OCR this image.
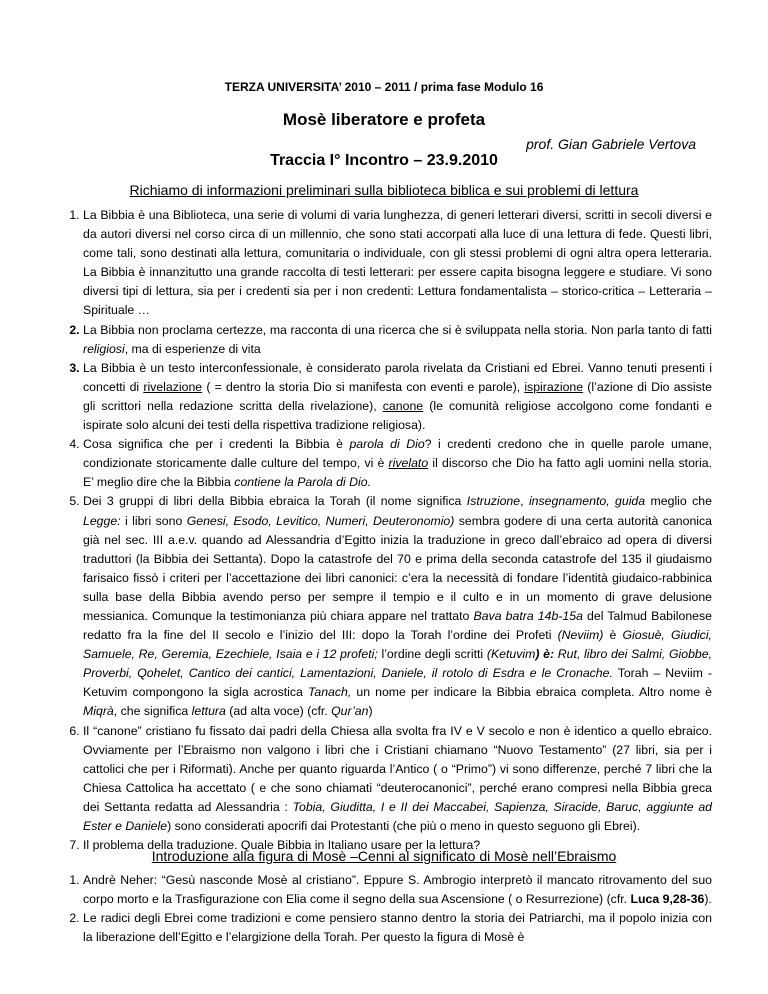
TERZA UNIVERSITA’ 2010 – 2011 / prima fase Modulo 16
Mosè liberatore e profeta
prof. Gian Gabriele Vertova
Traccia I° Incontro – 23.9.2010
Richiamo di informazioni preliminari sulla biblioteca biblica e sui problemi di lettura
1. La Bibbia è una Biblioteca, una serie di volumi di varia lunghezza, di generi letterari diversi, scritti in secoli diversi e da autori diversi nel corso circa di un millennio, che sono stati accorpati alla luce di una lettura di fede. Questi libri, come tali, sono destinati alla lettura, comunitaria o individuale, con gli stessi problemi di ogni altra opera letteraria. La Bibbia è innanzitutto una grande raccolta di testi letterari: per essere capita bisogna leggere e studiare. Vi sono diversi tipi di lettura, sia per i credenti sia per i non credenti: Lettura fondamentalista – storico-critica – Letteraria – Spirituale …
2. La Bibbia non proclama certezze, ma racconta di una ricerca che si è sviluppata nella storia. Non parla tanto di fatti religiosi, ma di esperienze di vita
3. La Bibbia è un testo interconfessionale, è considerato parola rivelata da Cristiani ed Ebrei. Vanno tenuti presenti i concetti di rivelazione ( = dentro la storia Dio si manifesta con eventi e parole), ispirazione (l’azione di Dio assiste gli scrittori nella redazione scritta della rivelazione), canone (le comunità religiose accolgono come fondanti e ispirate solo alcuni dei testi della rispettiva tradizione religiosa).
4. Cosa significa che per i credenti la Bibbia è parola di Dio? i credenti credono che in quelle parole umane, condizionate storicamente dalle culture del tempo, vi è rivelato il discorso che Dio ha fatto agli uomini nella storia. E’ meglio dire che la Bibbia contiene la Parola di Dio.
5. Dei 3 gruppi di libri della Bibbia ebraica la Torah (il nome significa Istruzione, insegnamento, guida meglio che Legge: i libri sono Genesi, Esodo, Levitico, Numeri, Deuteronomio) sembra godere di una certa autorità canonica già nel sec. III a.e.v. quando ad Alessandria d’Egitto inizia la traduzione in greco dall’ebraico ad opera di diversi traduttori (la Bibbia dei Settanta). Dopo la catastrofe del 70 e prima della seconda catastrofe del 135 il giudaismo farisaico fissò i criteri per l’accettazione dei libri canonici: c’era la necessità di fondare l’identità giudaico-rabbinica sulla base della Bibbia avendo perso per sempre il tempio e il culto e in un momento di grave delusione messianica. Comunque la testimonianza più chiara appare nel trattato Bava batra 14b-15a del Talmud Babilonese redatto fra la fine del II secolo e l’inizio del III: dopo la Torah l’ordine dei Profeti (Neviim) è Giosuè, Giudici, Samuele, Re, Geremia, Ezechiele, Isaia e i 12 profeti; l’ordine degli scritti (Ketuvim) è: Rut, libro dei Salmi, Giobbe, Proverbi, Qohelet, Cantico dei cantici, Lamentazioni, Daniele, il rotolo di Esdra e le Cronache. Torah – Neviim - Ketuvim compongono la sigla acrostica Tanach, un nome per indicare la Bibbia ebraica completa. Altro nome è Miqrà, che significa lettura (ad alta voce) (cfr. Qur’an)
6. Il “canone” cristiano fu fissato dai padri della Chiesa alla svolta fra IV e V secolo e non è identico a quello ebraico. Ovviamente per l’Ebraismo non valgono i libri che i Cristiani chiamano “Nuovo Testamento” (27 libri, sia per i cattolici che per i Riformati). Anche per quanto riguarda l’Antico ( o “Primo”) vi sono differenze, perché 7 libri che la Chiesa Cattolica ha accettato ( e che sono chiamati “deuterocanonici”, perché erano compresi nella Bibbia greca dei Settanta redatta ad Alessandria : Tobia, Giuditta, I e II dei Maccabei, Sapienza, Siracide, Baruc, aggiunte ad Ester e Daniele) sono considerati apocrifi dai Protestanti (che più o meno in questo seguono gli Ebrei).
7. Il problema della traduzione. Quale Bibbia in Italiano usare per la lettura?
Introduzione alla figura di Mosè –Cenni al significato di Mosè nell’Ebraismo
1. Andrè Neher: “Gesù nasconde Mosè al cristiano”. Eppure S. Ambrogio interpretò il mancato ritrovamento del suo corpo morto e la Trasfigurazione con Elia come il segno della sua Ascensione ( o Resurrezione) (cfr. Luca 9,28-36).
2. Le radici degli Ebrei come tradizioni e come pensiero stanno dentro la storia dei Patriarchi, ma il popolo inizia con la liberazione dell’Egitto e l’elargizione della Torah. Per questo la figura di Mosè è
